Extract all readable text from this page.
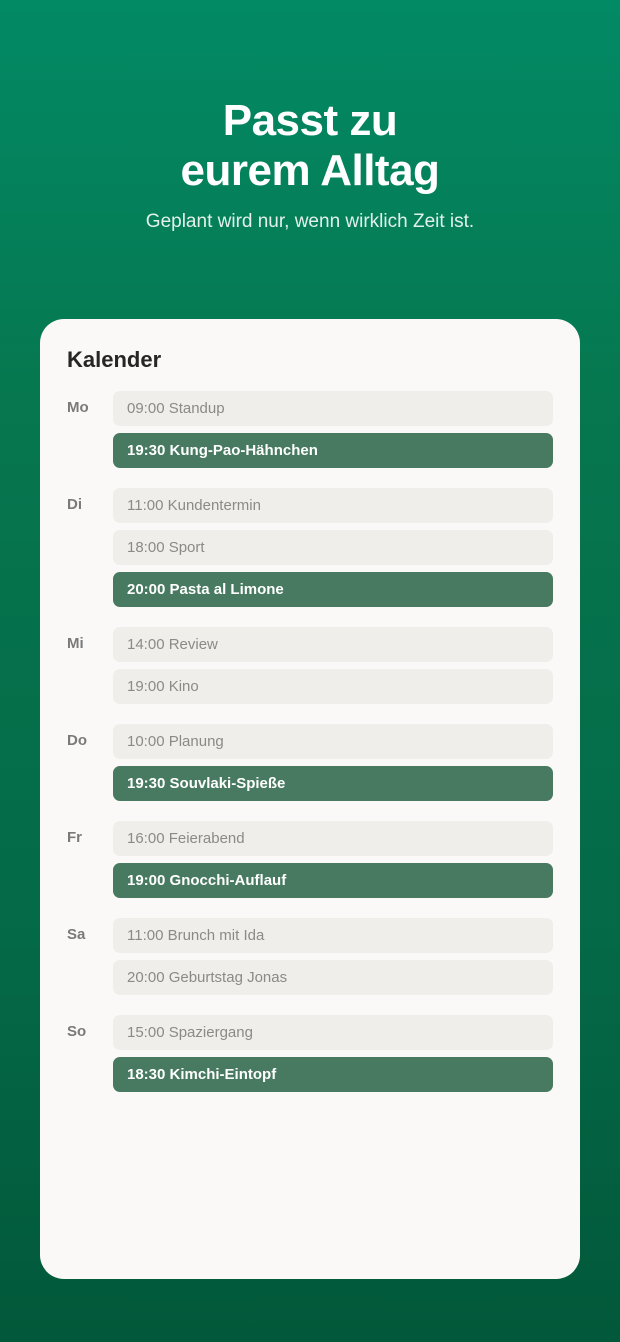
Passt zu
eurem Alltag

Geplant wird nur, wenn wirklich Zeit ist.

Kalender
Mo	09:00 Standup
19:30 Kung-Pao-Hähnchen
Di	11:00 Kundentermin
18:00 Sport
20:00 Pasta al Limone
Mi	14:00 Review
19:00 Kino
Do	10:00 Planung
19:30 Souvlaki-Spieße
Fr	16:00 Feierabend
19:00 Gnocchi-Auflauf
Sa	11:00 Brunch mit Ida
20:00 Geburtstag Jonas
So	15:00 Spaziergang
18:30 Kimchi-Eintopf
